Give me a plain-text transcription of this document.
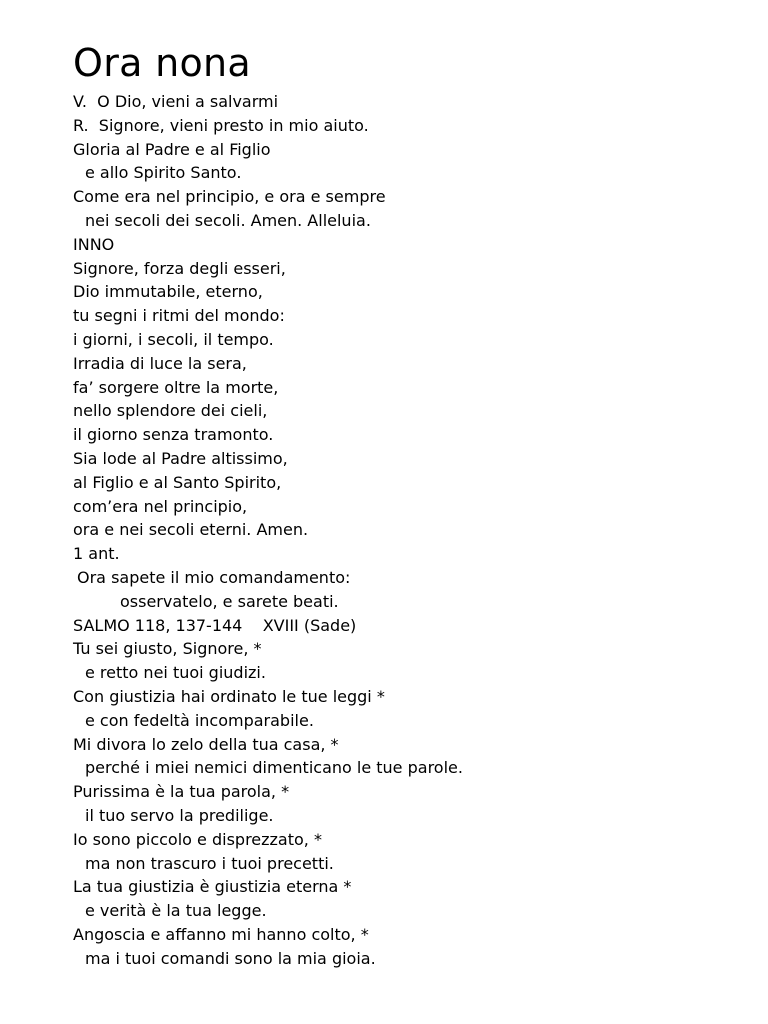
Ora nona
V.  O Dio, vieni a salvarmi
R.  Signore, vieni presto in mio aiuto.
Gloria al Padre e al Figlio
e allo Spirito Santo.
Come era nel principio, e ora e sempre
nei secoli dei secoli. Amen. Alleluia.
INNO
Signore, forza degli esseri,
Dio immutabile, eterno,
tu segni i ritmi del mondo:
i giorni, i secoli, il tempo.
Irradia di luce la sera,
fa’ sorgere oltre la morte,
nello splendore dei cieli,
il giorno senza tramonto.
Sia lode al Padre altissimo,
al Figlio e al Santo Spirito,
com’era nel principio,
ora e nei secoli eterni. Amen.
1 ant.
Ora sapete il mio comandamento:
osservatelo, e sarete beati.
SALMO 118, 137-144    XVIII (Sade)
Tu sei giusto, Signore, *
e retto nei tuoi giudizi.
Con giustizia hai ordinato le tue leggi *
e con fedeltà incomparabile.
Mi divora lo zelo della tua casa, *
perché i miei nemici dimenticano le tue parole.
Purissima è la tua parola, *
il tuo servo la predilige.
Io sono piccolo e disprezzato, *
ma non trascuro i tuoi precetti.
La tua giustizia è giustizia eterna *
e verità è la tua legge.
Angoscia e affanno mi hanno colto, *
ma i tuoi comandi sono la mia gioia.
